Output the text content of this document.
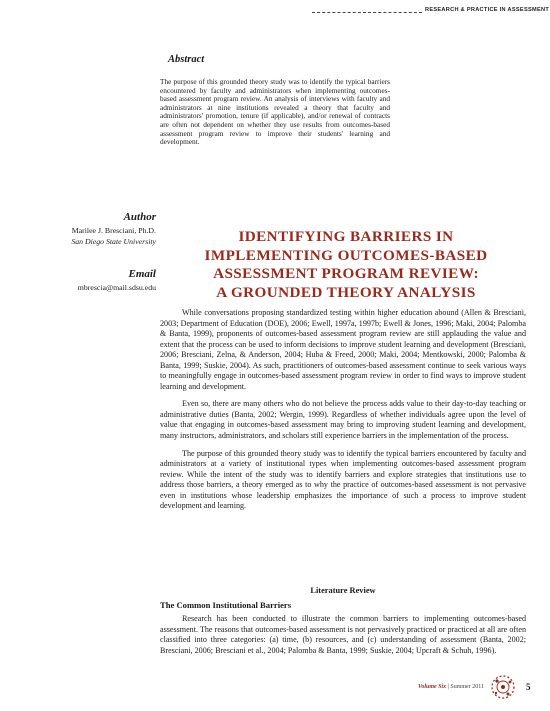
RESEARCH & PRACTICE IN ASSESSMENT
Abstract
The purpose of this grounded theory study was to identify the typical barriers encountered by faculty and administrators when implementing outcomes-based assessment program review. An analysis of interviews with faculty and administrators at nine institutions revealed a theory that faculty and administrators' promotion, tenure (if applicable), and/or renewal of contracts are often not dependent on whether they use results from outcomes-based assessment program review to improve their students' learning and development.
Author
Marilee J. Bresciani, Ph.D.
San Diego State University
Email
mbrescia@mail.sdsu.edu
IDENTIFYING BARRIERS IN
IMPLEMENTING OUTCOMES-BASED
ASSESSMENT PROGRAM REVIEW:
A GROUNDED THEORY ANALYSIS

While conversations proposing standardized testing within higher education abound (Allen & Bresciani, 2003; Department of Education (DOE), 2006; Ewell, 1997a, 1997b; Ewell & Jones, 1996; Maki, 2004; Palomba & Banta, 1999), proponents of outcomes-based assessment program review are still applauding the value and extent that the process can be used to inform decisions to improve student learning and development (Bresciani, 2006; Bresciani, Zelna, & Anderson, 2004; Huba & Freed, 2000; Maki, 2004; Mentkowski, 2000; Palomba & Banta, 1999; Suskie, 2004). As such, practitioners of outcomes-based assessment continue to seek various ways to meaningfully engage in outcomes-based assessment program review in order to find ways to improve student learning and development.

Even so, there are many others who do not believe the process adds value to their day-to-day teaching or administrative duties (Banta, 2002; Wergin, 1999). Regardless of whether individuals agree upon the level of value that engaging in outcomes-based assessment may bring to improving student learning and development, many instructors, administrators, and scholars still experience barriers in the implementation of the process.

The purpose of this grounded theory study was to identify the typical barriers encountered by faculty and administrators at a variety of institutional types when implementing outcomes-based assessment program review. While the intent of the study was to identify barriers and explore strategies that institutions use to address those barriers, a theory emerged as to why the practice of outcomes-based assessment is not pervasive even in institutions whose leadership emphasizes the importance of such a process to improve student development and learning.

Literature Review
The Common Institutional Barriers

Research has been conducted to illustrate the common barriers to implementing outcomes-based assessment. The reasons that outcomes-based assessment is not pervasively practiced or practiced at all are often classified into three categories: (a) time, (b) resources, and (c) understanding of assessment (Banta, 2002; Bresciani, 2006; Bresciani et al., 2004; Palomba & Banta, 1999; Suskie, 2004; Upcraft & Schuh, 1996).

Volume Six | Summer 2011	5
